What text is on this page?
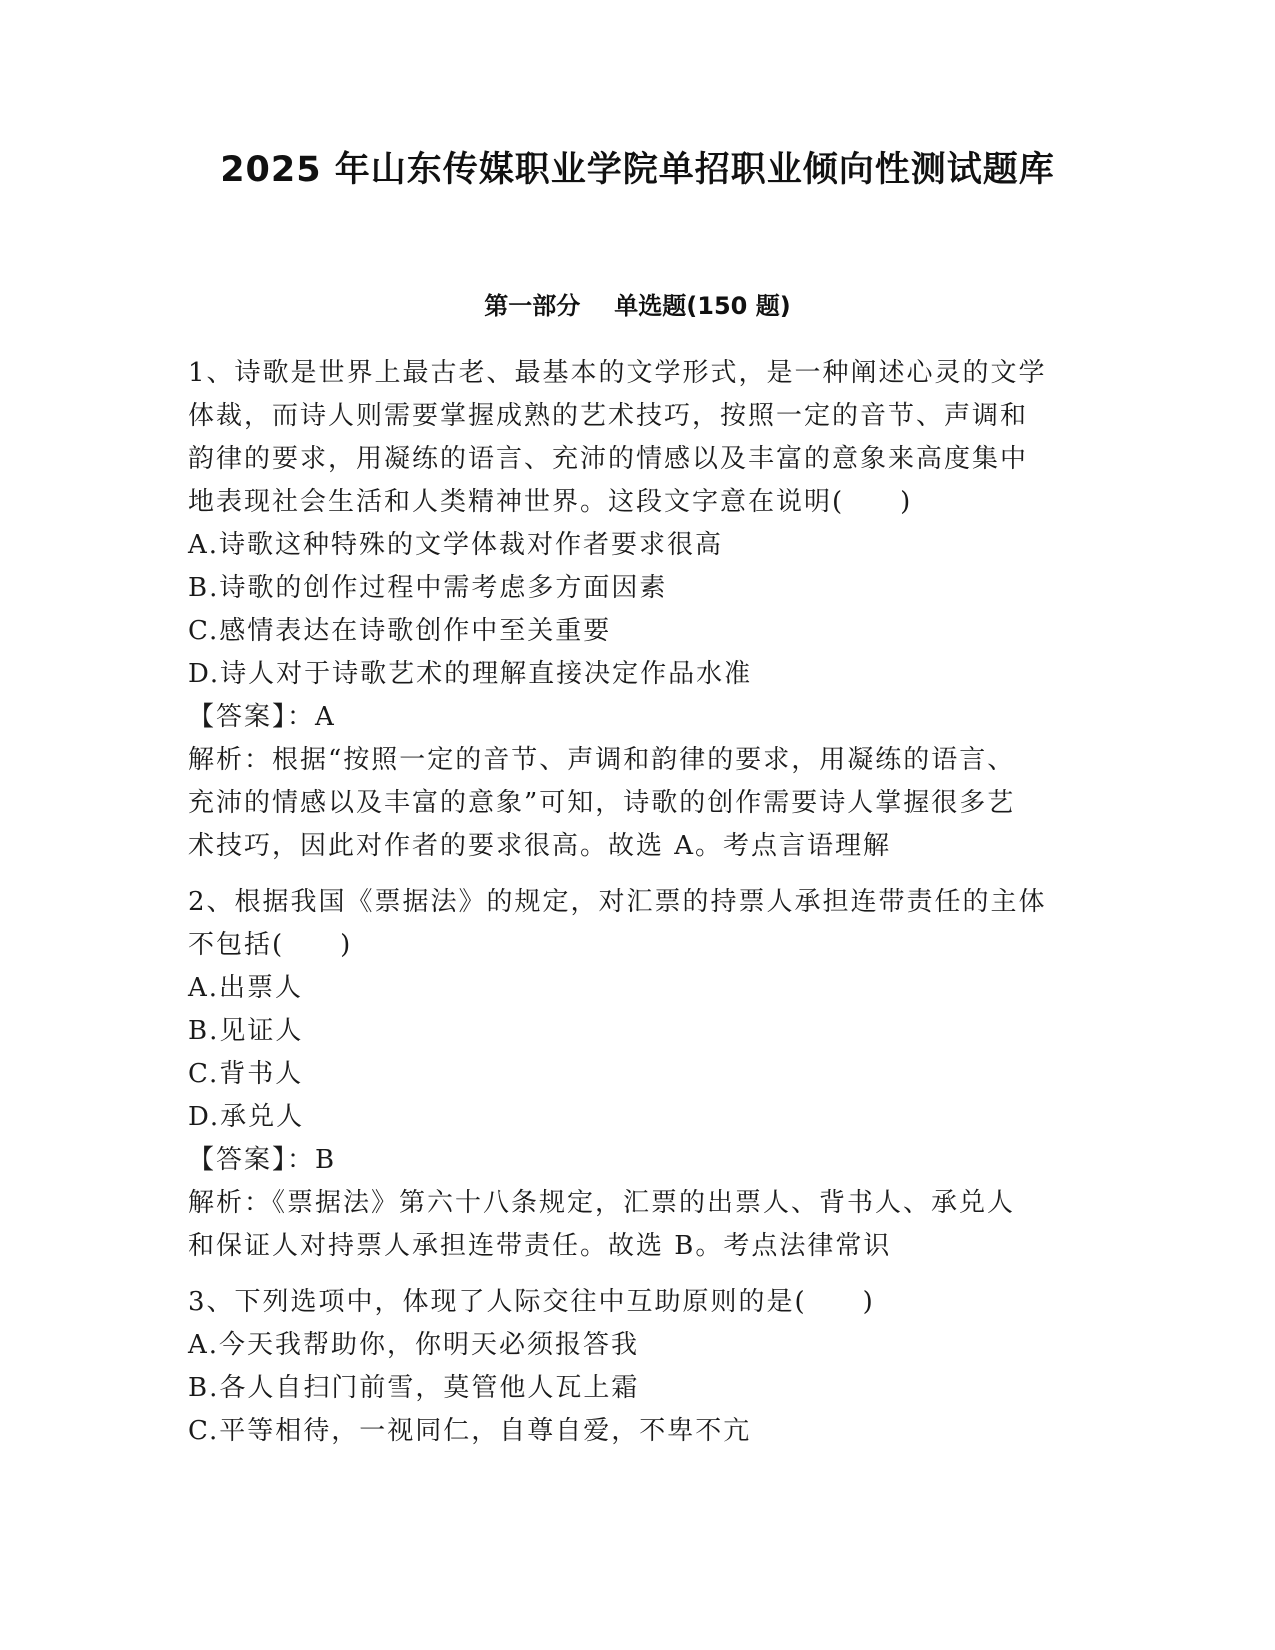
2025 年山东传媒职业学院单招职业倾向性测试题库
第一部分 单选题(150 题)
1、诗歌是世界上最古老、最基本的文学形式，是一种阐述心灵的文学
体裁，而诗人则需要掌握成熟的艺术技巧，按照一定的音节、声调和
韵律的要求，用凝练的语言、充沛的情感以及丰富的意象来高度集中
地表现社会生活和人类精神世界。这段文字意在说明(　　)
A.诗歌这种特殊的文学体裁对作者要求很高
B.诗歌的创作过程中需考虑多方面因素
C.感情表达在诗歌创作中至关重要
D.诗人对于诗歌艺术的理解直接决定作品水准
【答案】：A
解析：根据“按照一定的音节、声调和韵律的要求，用凝练的语言、
充沛的情感以及丰富的意象”可知，诗歌的创作需要诗人掌握很多艺
术技巧，因此对作者的要求很高。故选 A。考点言语理解
2、根据我国《票据法》的规定，对汇票的持票人承担连带责任的主体
不包括(　　)
A.出票人
B.见证人
C.背书人
D.承兑人
【答案】：B
解析：《票据法》第六十八条规定，汇票的出票人、背书人、承兑人
和保证人对持票人承担连带责任。故选 B。考点法律常识
3、下列选项中，体现了人际交往中互助原则的是(　　)
A.今天我帮助你，你明天必须报答我
B.各人自扫门前雪，莫管他人瓦上霜
C.平等相待，一视同仁，自尊自爱，不卑不亢
